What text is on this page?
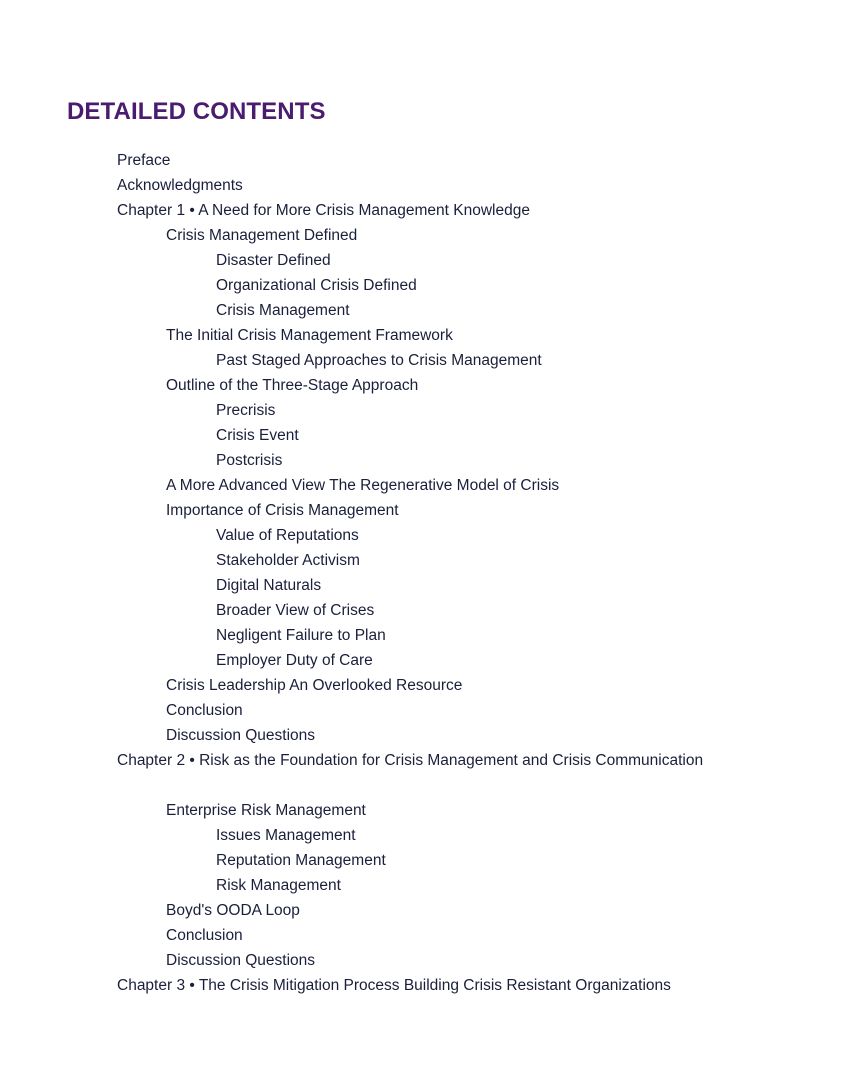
DETAILED CONTENTS
Preface
Acknowledgments
Chapter 1 • A Need for More Crisis Management Knowledge
Crisis Management Defined
Disaster Defined
Organizational Crisis Defined
Crisis Management
The Initial Crisis Management Framework
Past Staged Approaches to Crisis Management
Outline of the Three-Stage Approach
Precrisis
Crisis Event
Postcrisis
A More Advanced View The Regenerative Model of Crisis
Importance of Crisis Management
Value of Reputations
Stakeholder Activism
Digital Naturals
Broader View of Crises
Negligent Failure to Plan
Employer Duty of Care
Crisis Leadership An Overlooked Resource
Conclusion
Discussion Questions
Chapter 2 • Risk as the Foundation for Crisis Management and Crisis Communication
Enterprise Risk Management
Issues Management
Reputation Management
Risk Management
Boyd's OODA Loop
Conclusion
Discussion Questions
Chapter 3 • The Crisis Mitigation Process Building Crisis Resistant Organizations
